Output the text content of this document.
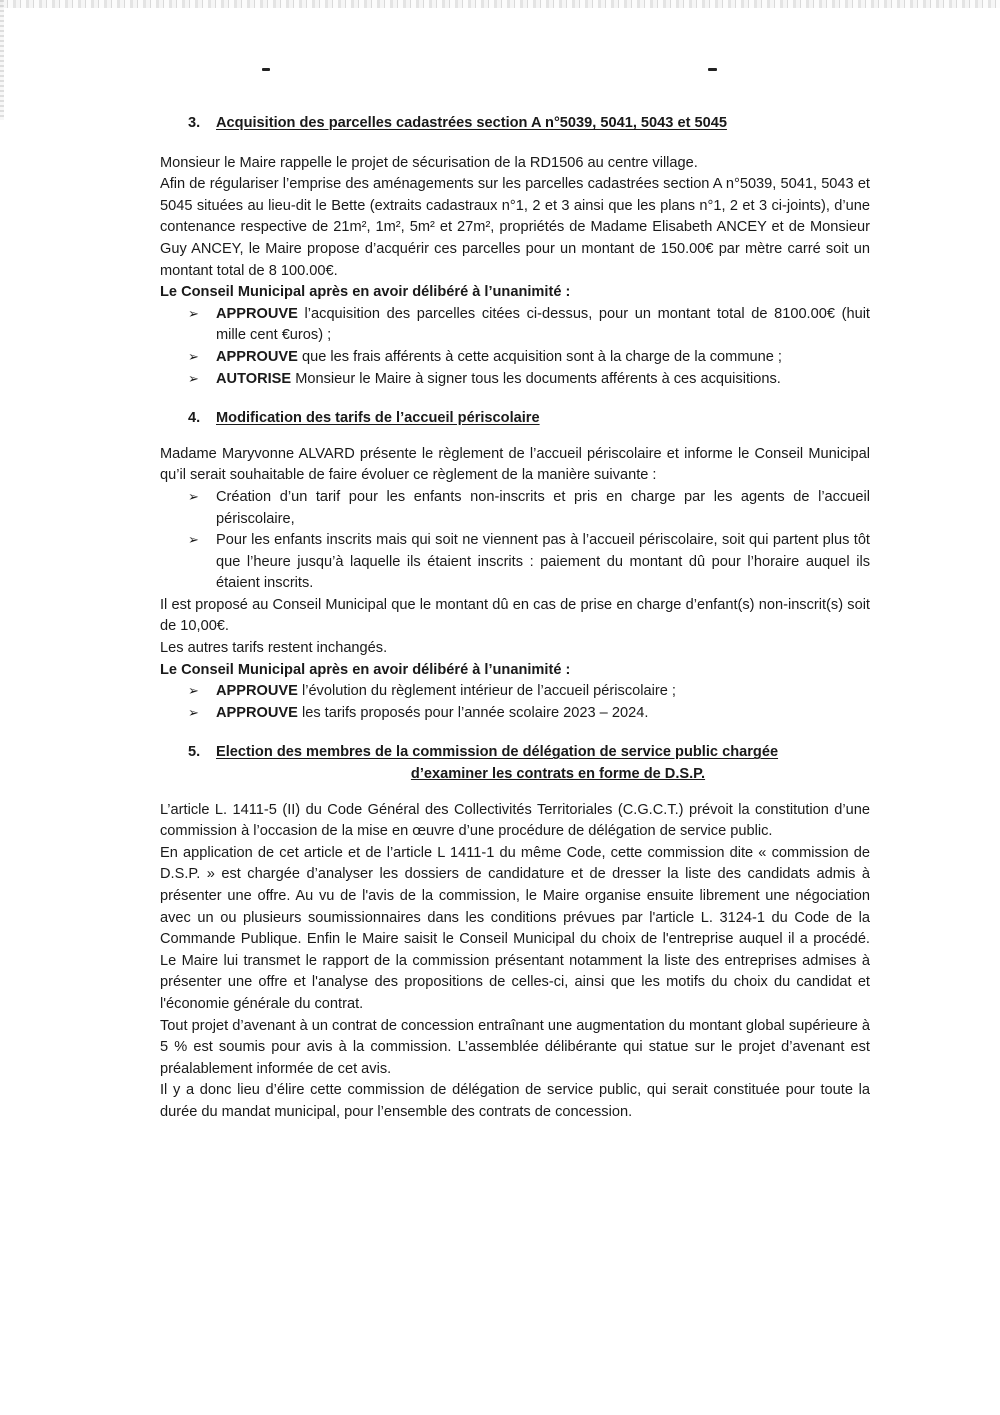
3. Acquisition des parcelles cadastrées section A n°5039, 5041, 5043 et 5045

Monsieur le Maire rappelle le projet de sécurisation de la RD1506 au centre village.

Afin de régulariser l’emprise des aménagements sur les parcelles cadastrées section A n°5039, 5041, 5043 et 5045 situées au lieu-dit le Bette (extraits cadastraux n°1, 2 et 3 ainsi que les plans n°1, 2 et 3 ci-joints), d’une contenance respective de 21m², 1m², 5m² et 27m², propriétés de Madame Elisabeth ANCEY et de Monsieur Guy ANCEY, le Maire propose d’acquérir ces parcelles pour un montant de 150.00€ par mètre carré soit un montant total de 8 100.00€.

Le Conseil Municipal après en avoir délibéré à l’unanimité :

➢ APPROUVE l’acquisition des parcelles citées ci-dessus, pour un montant total de 8100.00€ (huit mille cent €uros) ;
➢ APPROUVE que les frais afférents à cette acquisition sont à la charge de la commune ;
➢ AUTORISE Monsieur le Maire à signer tous les documents afférents à ces acquisitions.
4. Modification des tarifs de l’accueil périscolaire

Madame Maryvonne ALVARD présente le règlement de l’accueil périscolaire et informe le Conseil Municipal qu’il serait souhaitable de faire évoluer ce règlement de la manière suivante :

➢ Création d’un tarif pour les enfants non-inscrits et pris en charge par les agents de l’accueil périscolaire,
➢ Pour les enfants inscrits mais qui soit ne viennent pas à l’accueil périscolaire, soit qui partent plus tôt que l’heure jusqu’à laquelle ils étaient inscrits : paiement du montant dû pour l’horaire auquel ils étaient inscrits.

Il est proposé au Conseil Municipal que le montant dû en cas de prise en charge d’enfant(s) non-inscrit(s) soit de 10,00€.

Les autres tarifs restent inchangés.

Le Conseil Municipal après en avoir délibéré à l’unanimité :

➢ APPROUVE l’évolution du règlement intérieur de l’accueil périscolaire ;
➢ APPROUVE les tarifs proposés pour l’année scolaire 2023 – 2024.
5. Election des membres de la commission de délégation de service public chargée
d’examiner les contrats en forme de D.S.P.

L’article L. 1411-5 (II) du Code Général des Collectivités Territoriales (C.G.C.T.) prévoit la constitution d’une commission à l’occasion de la mise en œuvre d’une procédure de délégation de service public.

En application de cet article et de l’article L 1411-1 du même Code, cette commission dite « commission de D.S.P. » est chargée d’analyser les dossiers de candidature et de dresser la liste des candidats admis à présenter une offre. Au vu de l'avis de la commission, le Maire organise ensuite librement une négociation avec un ou plusieurs soumissionnaires dans les conditions prévues par l'article L. 3124-1 du Code de la Commande Publique. Enfin le Maire saisit le Conseil Municipal du choix de l'entreprise auquel il a procédé. Le Maire lui transmet le rapport de la commission présentant notamment la liste des entreprises admises à présenter une offre et l'analyse des propositions de celles-ci, ainsi que les motifs du choix du candidat et l'économie générale du contrat.

Tout projet d’avenant à un contrat de concession entraînant une augmentation du montant global supérieure à 5 % est soumis pour avis à la commission. L’assemblée délibérante qui statue sur le projet d’avenant est préalablement informée de cet avis.

Il y a donc lieu d’élire cette commission de délégation de service public, qui serait constituée pour toute la durée du mandat municipal, pour l’ensemble des contrats de concession.
